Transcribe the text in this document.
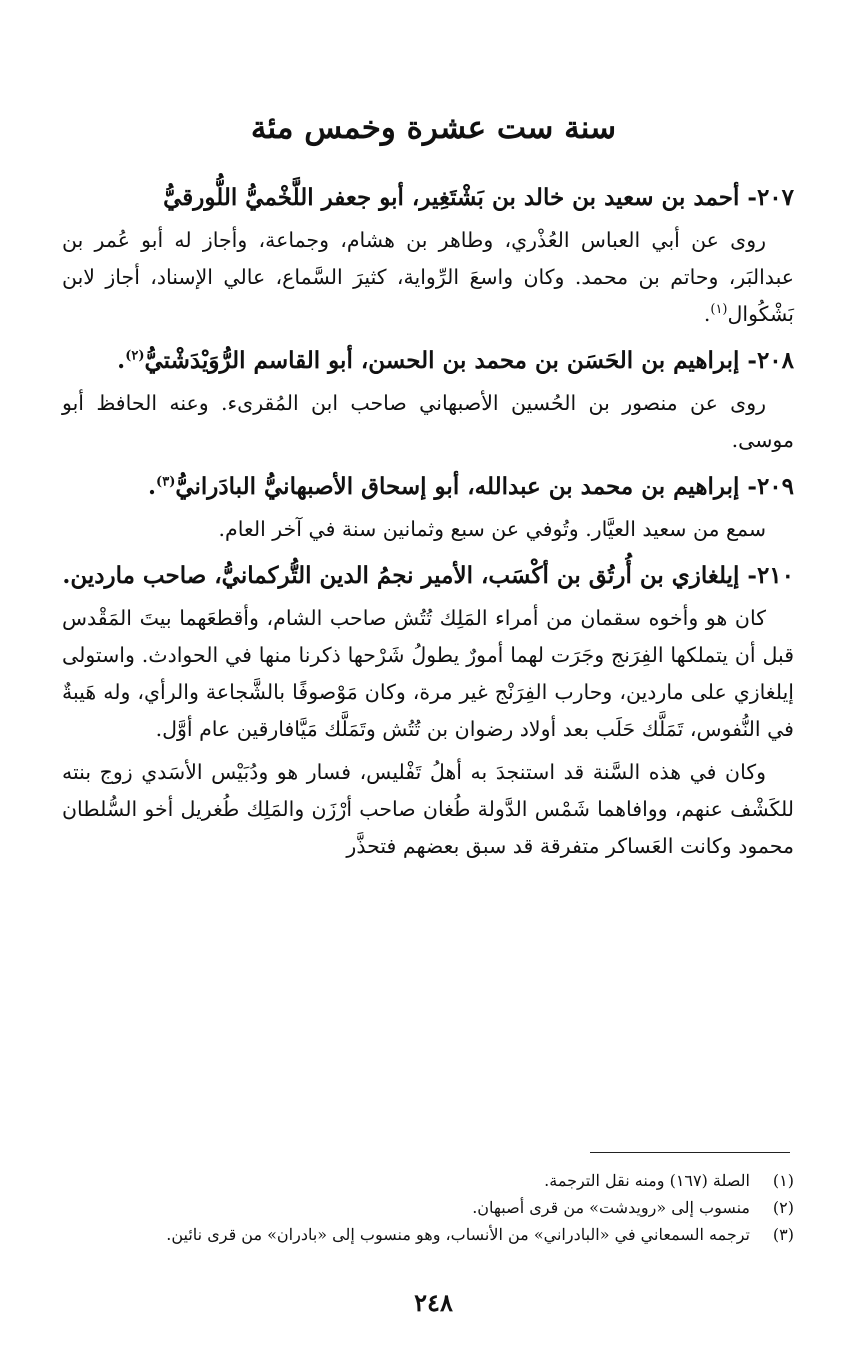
سنة ست عشرة وخمس مئة

٢٠٧- أحمد بن سعيد بن خالد بن بَشْتَغِير، أبو جعفر اللَّخْميُّ اللُّورقيُّ

روى عن أبي العباس العُذْري، وطاهر بن هشام، وجماعة، وأجاز له أبو عُمر بن عبدالبَر، وحاتم بن محمد. وكان واسعَ الرِّواية، كثيرَ السَّماع، عالي الإسناد، أجاز لابن بَشْكُوال$^{(١)}$.

٢٠٨- إبراهيم بن الحَسَن بن محمد بن الحسن، أبو القاسم الرُّوَيْدَشْتيُّ$^{(٢)}$.

روى عن منصور بن الحُسين الأصبهاني صاحب ابن المُقرىء. وعنه الحافظ أبو موسى.

٢٠٩- إبراهيم بن محمد بن عبدالله، أبو إسحاق الأصبهانيُّ البادَرانيُّ$^{(٣)}$.

سمع من سعيد العيَّار. وتُوفي عن سبع وثمانين سنة في آخر العام.

٢١٠- إيلغازي بن أُرتُق بن أكْسَب، الأمير نجمُ الدين التُّركمانيُّ، صاحب ماردين.

كان هو وأخوه سقمان من أمراء المَلِك تُتُش صاحب الشام، وأقطعَهما بيتَ المَقْدس قبل أن يتملكها الفِرَنج وجَرَت لهما أمورٌ يطولُ شَرْحها ذكرنا منها في الحوادث. واستولى إيلغازي على ماردين، وحارب الفِرَنْج غير مرة، وكان مَوْصوفًا بالشَّجاعة والرأي، وله هَيبةٌ في النُّفوس، تَمَلَّك حَلَب بعد أولاد رضوان بن تُتُش وتَمَلَّك مَيَّافارقين عام أوَّل.

وكان في هذه السَّنة قد استنجدَ به أهلُ تَفْليس، فسار هو ودُبَيْس الأسَدي زوج بنته للكَشْف عنهم، ووافاهما شَمْس الدَّولة طُغان صاحب أرْزَن والمَلِك طُغريل أخو السُّلطان محمود وكانت العَساكر متفرقة قد سبق بعضهم فتحذَّر

(١)
الصلة (١٦٧) ومنه نقل الترجمة.

(٢)
منسوب إلى «رويدشت» من قرى أصبهان.

(٣)
ترجمه السمعاني في «البادراني» من الأنساب، وهو منسوب إلى «بادران» من قرى نائين.

٢٤٨
